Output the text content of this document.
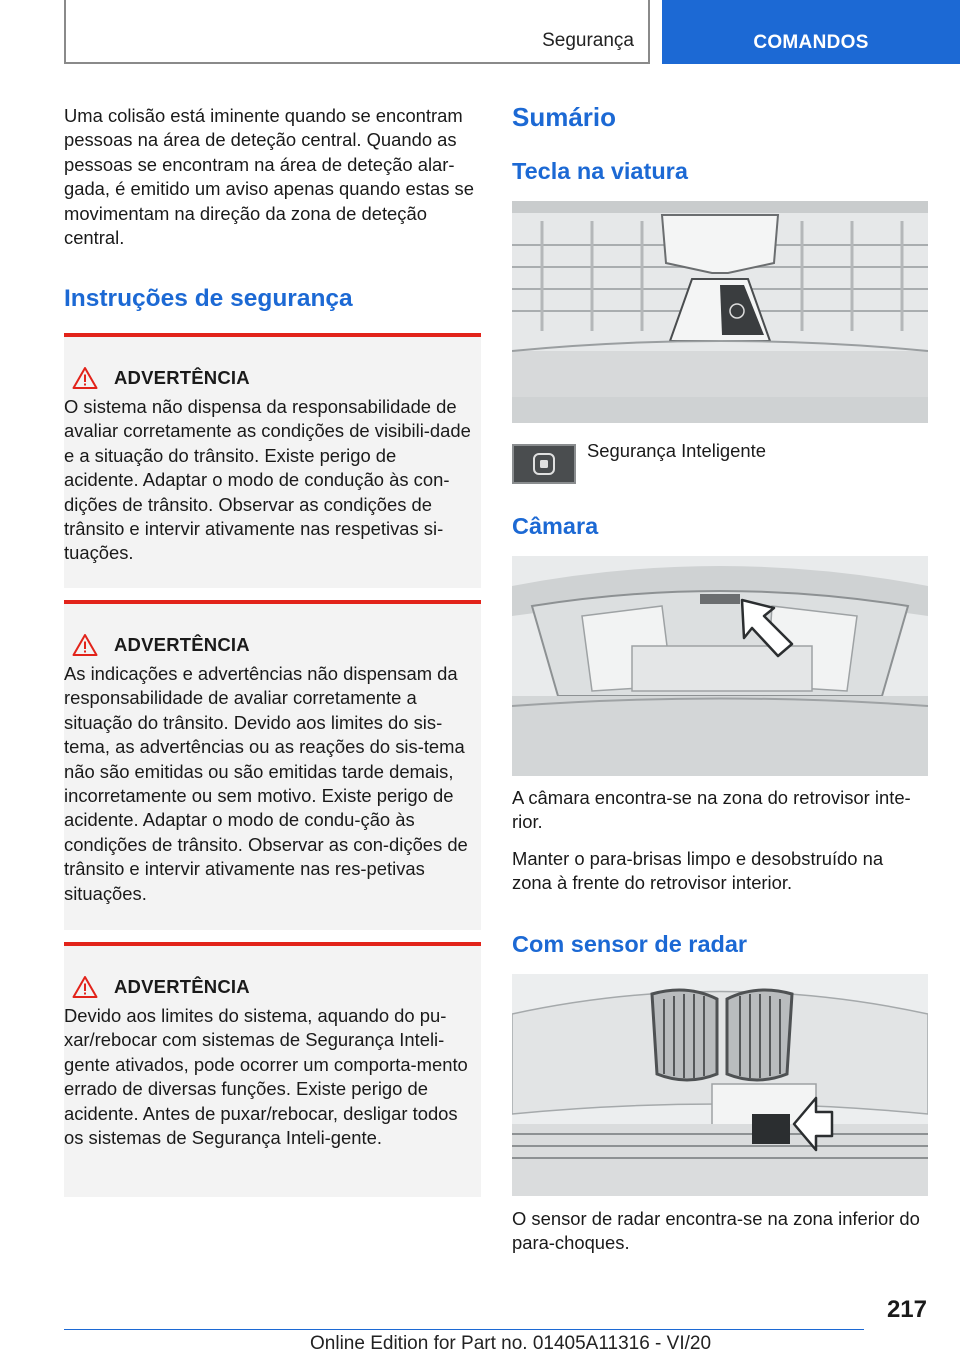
Segurança	COMANDOS

Uma colisão está iminente quando se encontram pessoas na área de deteção central. Quando as pessoas se encontram na área de deteção alar-gada, é emitido um aviso apenas quando estas se movimentam na direção da zona de deteção central.

Instruções de segurança
ADVERTÊNCIA

O sistema não dispensa da responsabilidade de avaliar corretamente as condições de visibili-dade e a situação do trânsito. Existe perigo de acidente. Adaptar o modo de condução às con-dições de trânsito. Observar as condições de trânsito e intervir ativamente nas respetivas si-tuações.

ADVERTÊNCIA

As indicações e advertências não dispensam da responsabilidade de avaliar corretamente a situação do trânsito. Devido aos limites do sis-tema, as advertências ou as reações do sis-tema não são emitidas ou são emitidas tarde demais, incorretamente ou sem motivo. Existe perigo de acidente. Adaptar o modo de condu-ção às condições de trânsito. Observar as con-dições de trânsito e intervir ativamente nas res-petivas situações.

ADVERTÊNCIA

Devido aos limites do sistema, aquando do pu-xar/rebocar com sistemas de Segurança Inteli-gente ativados, pode ocorrer um comporta-mento errado de diversas funções. Existe perigo de acidente. Antes de puxar/rebocar, desligar todos os sistemas de Segurança Inteli-gente.

Sumário
Tecla na viatura
Segurança Inteligente
Câmara

A câmara encontra-se na zona do retrovisor inte-rior.

Manter o para-brisas limpo e desobstruído na zona à frente do retrovisor interior.

Com sensor de radar

O sensor de radar encontra-se na zona inferior do para-choques.

217
Online Edition for Part no. 01405A11316 - VI/20
